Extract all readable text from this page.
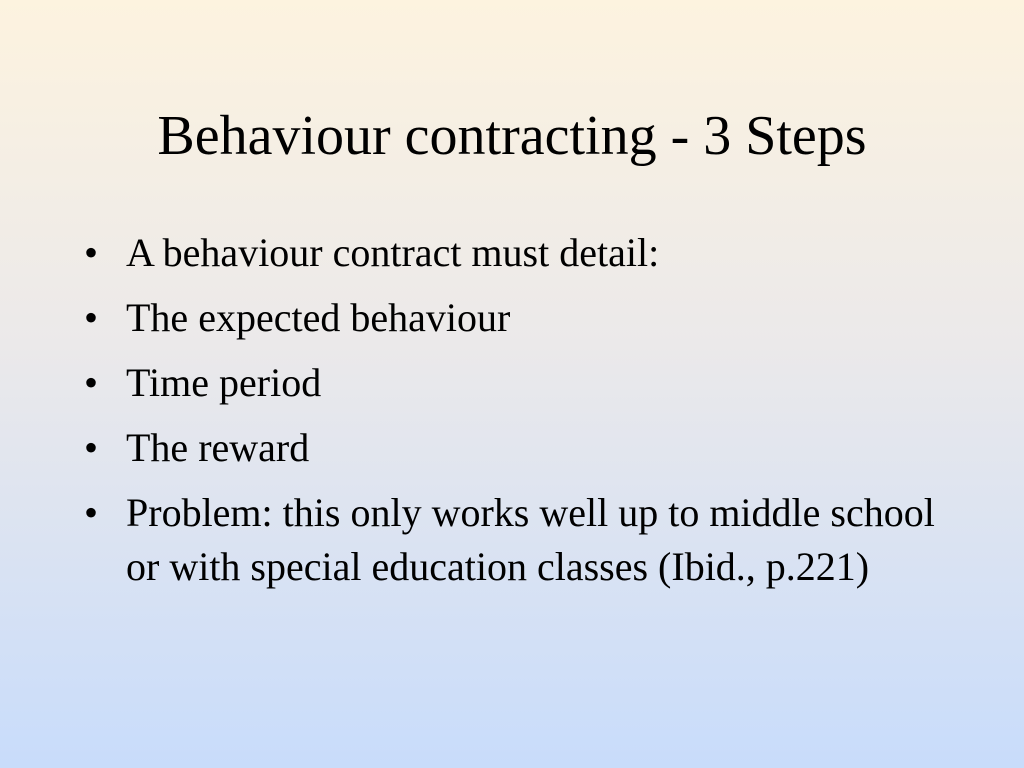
Behaviour contracting - 3 Steps
• A behaviour contract must detail:
• The expected behaviour
• Time period
• The reward
• Problem: this only works well up to middle school or with special education classes (Ibid., p.221)
